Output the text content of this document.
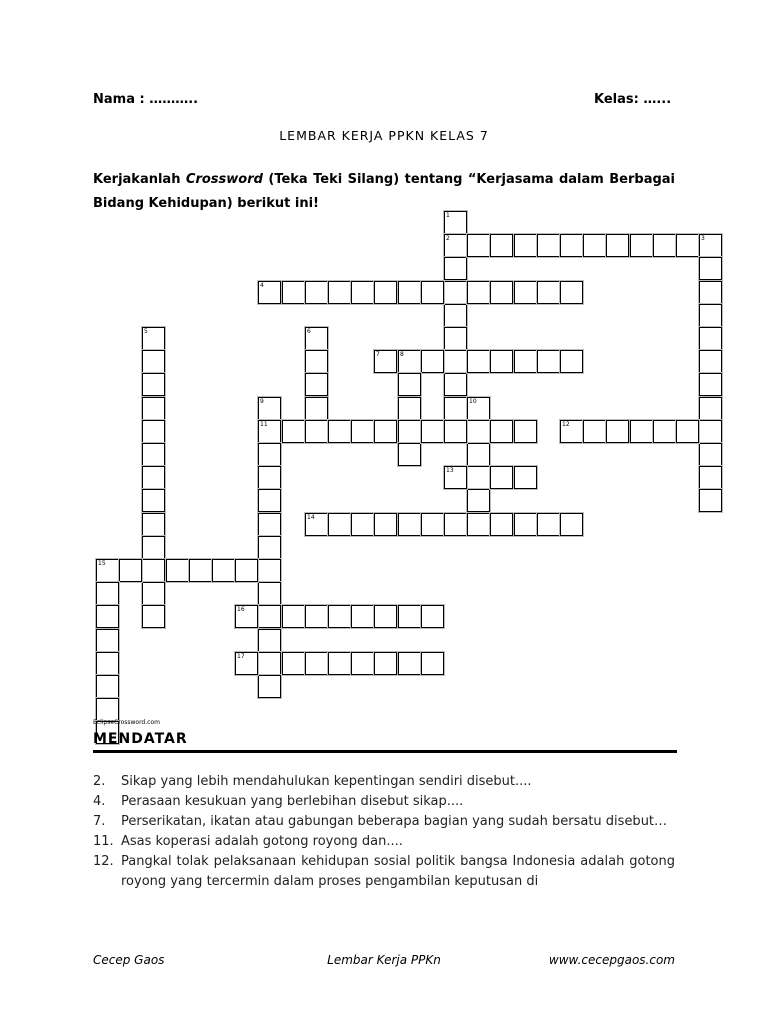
Nama : ………..	Kelas: …...
LEMBAR KERJA PPKN KELAS 7
Kerjakanlah Crossword (Teka Teki Silang) tentang “Kerjasama dalam Berbagai Bidang Kehidupan) berikut ini!
1
2	3
4
5	6
7	8
9
11
10
12
13
14
15
16
17
EclipseCrossword.com
MENDATAR
2.	Sikap yang lebih mendahulukan kepentingan sendiri disebut....
4.	Perasaan kesukuan yang berlebihan disebut sikap....
7.	Perserikatan, ikatan atau gabungan beberapa bagian yang sudah bersatu disebut…
11. Asas koperasi adalah gotong royong dan....
12. Pangkal tolak pelaksanaan kehidupan sosial politik bangsa Indonesia adalah gotong royong yang tercermin dalam proses pengambilan keputusan di
Cecep Gaos	Lembar Kerja PPKn	www.cecepgaos.com
